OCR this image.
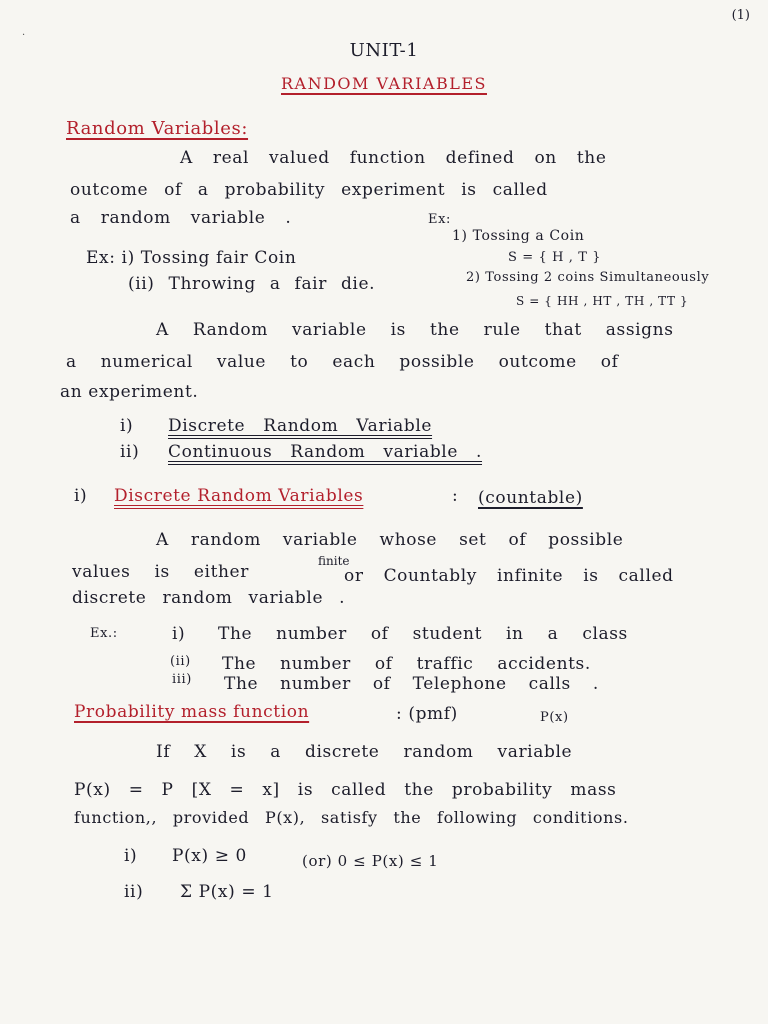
(1)
·
UNIT-1
RANDOM VARIABLES
Random Variables:
A real valued function defined on the
outcome of a probability experiment is called
a random variable .	Ex:
1) Tossing a Coin
S = { H , T }
Ex: i) Tossing fair Coin
(ii) Throwing a fair die.	2) Tossing 2 coins Simultaneously
S = { HH , HT , TH , TT }
A Random variable is the rule that assigns
a numerical value to each possible outcome of
an experiment.
i) Discrete Random Variable
ii) Continuous Random variable .
i) Discrete Random Variables	: (countable)
A random variable whose set of possible
values is either
finite
or Countably infinite is called
discrete random variable .
Ex.:	i) The number of student in a class
(ii) The number of traffic accidents.
iii) The number of Telephone calls .
Probability mass function	: (pmf)	P(x)
If X is a discrete random variable
P(x) = P [X = x] is called the probability mass
function,, provided P(x), satisfy the following conditions.
i) P(x) ≥ 0	(or) 0 ≤ P(x) ≤ 1
ii) Σ P(x) = 1
